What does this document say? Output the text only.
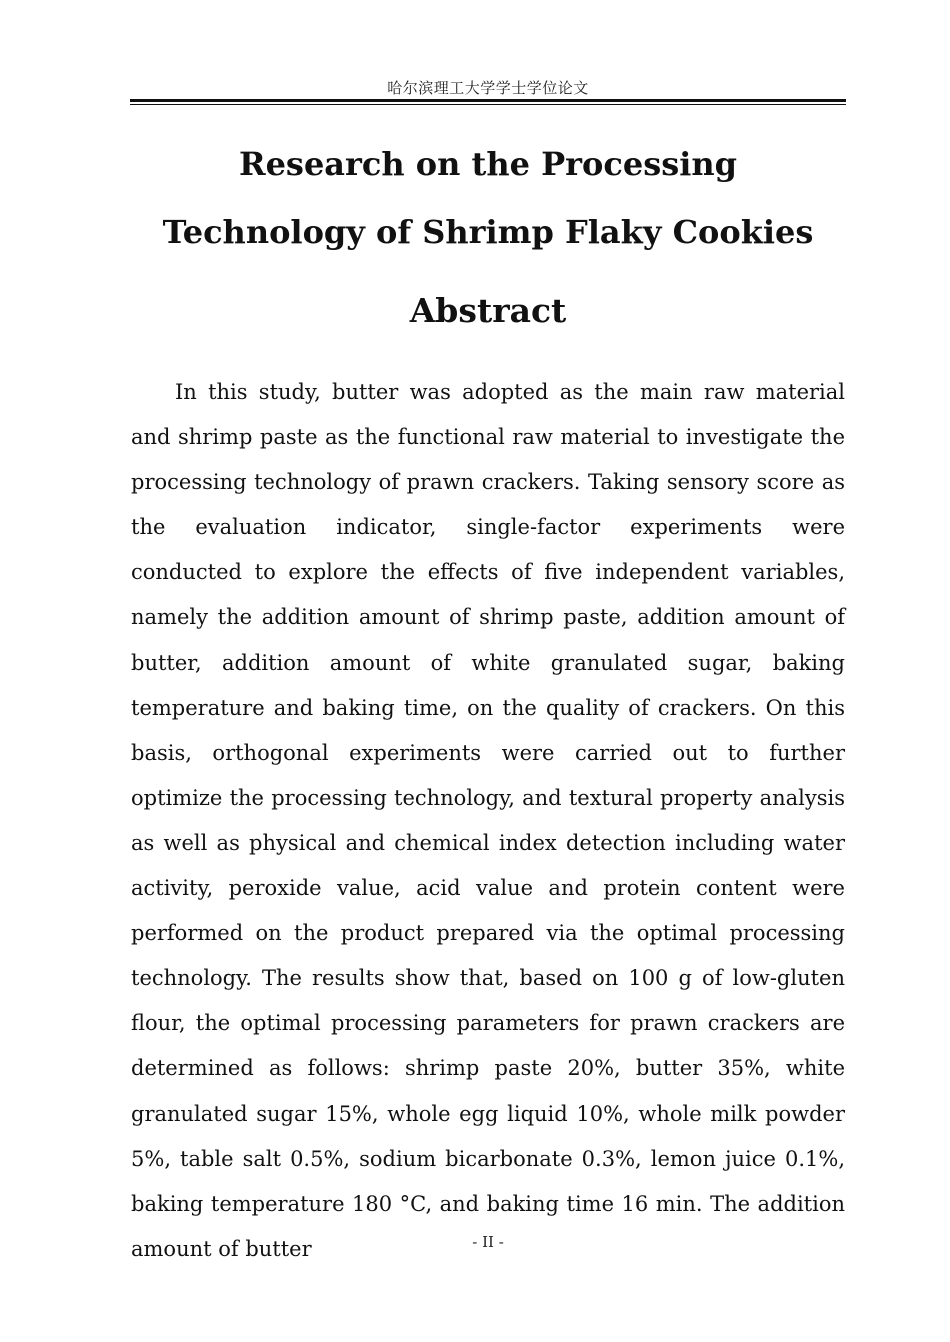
哈尔滨理工大学学士学位论文
Research on the Processing
Technology of Shrimp Flaky Cookies
Abstract

In this study, butter was adopted as the main raw material and shrimp paste as the functional raw material to investigate the processing technology of prawn crackers. Taking sensory score as the evaluation indicator, single-factor experiments were conducted to explore the effects of five independent variables, namely the addition amount of shrimp paste, addition amount of butter, addition amount of white granulated sugar, baking temperature and baking time, on the quality of crackers. On this basis, orthogonal experiments were carried out to further optimize the processing technology, and textural property analysis as well as physical and chemical index detection including water activity, peroxide value, acid value and protein content were performed on the product prepared via the optimal processing technology. The results show that, based on 100 g of low-gluten flour, the optimal processing parameters for prawn crackers are determined as follows: shrimp paste 20%, butter 35%, white granulated sugar 15%, whole egg liquid 10%, whole milk powder 5%, table salt 0.5%, sodium bicarbonate 0.3%, lemon juice 0.1%, baking temperature 180 °C, and baking time 16 min. The addition amount of butter	- II -
